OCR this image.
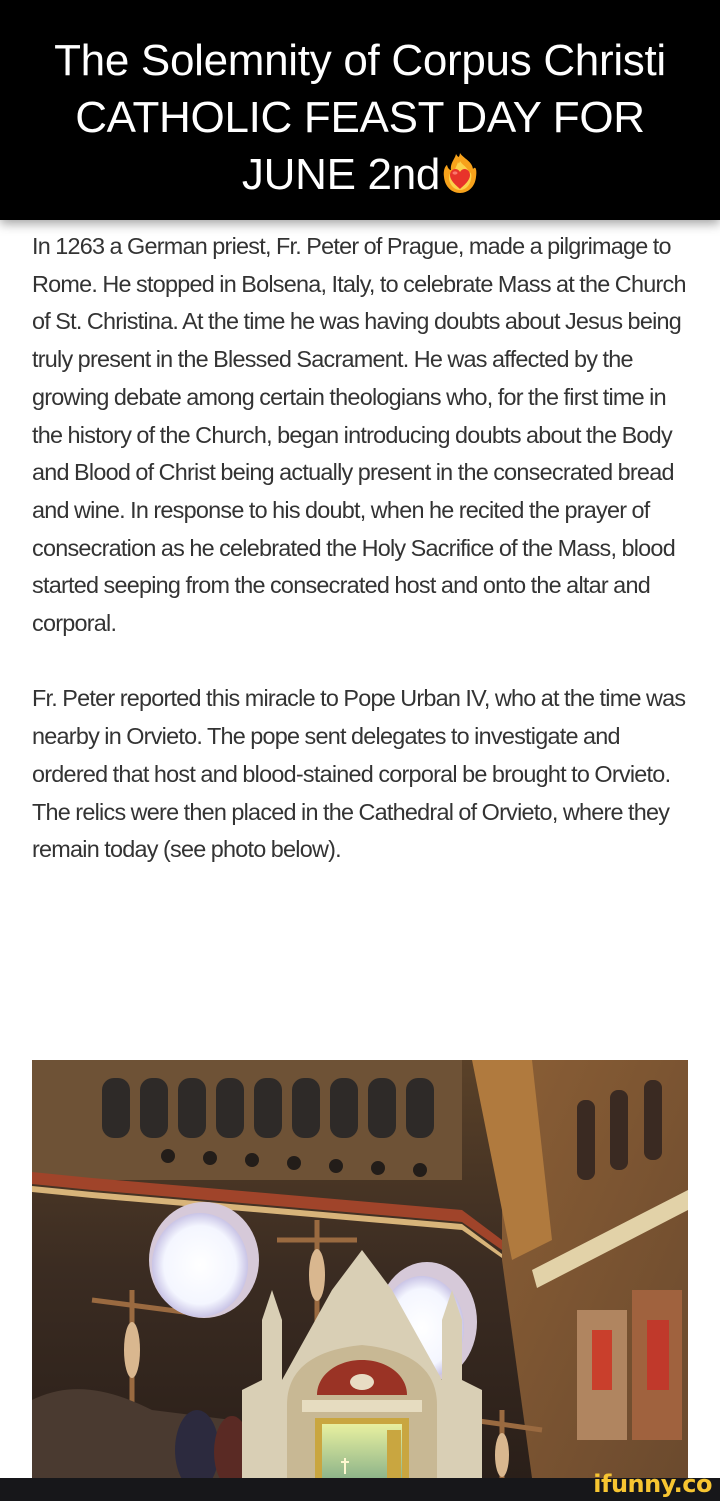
The Solemnity of Corpus Christi CATHOLIC FEAST DAY FOR JUNE 2nd

In 1263 a German priest, Fr. Peter of Prague, made a pilgrimage to Rome. He stopped in Bolsena, Italy, to celebrate Mass at the Church of St. Christina. At the time he was having doubts about Jesus being truly present in the Blessed Sacrament. He was affected by the growing debate among certain theologians who, for the first time in the history of the Church, began introducing doubts about the Body and Blood of Christ being actually present in the consecrated bread and wine. In response to his doubt, when he recited the prayer of consecration as he celebrated the Holy Sacrifice of the Mass, blood started seeping from the consecrated host and onto the altar and corporal.

Fr. Peter reported this miracle to Pope Urban IV, who at the time was nearby in Orvieto. The pope sent delegates to investigate and ordered that host and blood-stained corporal be brought to Orvieto. The relics were then placed in the Cathedral of Orvieto, where they remain today (see photo below).

ifunny.co
